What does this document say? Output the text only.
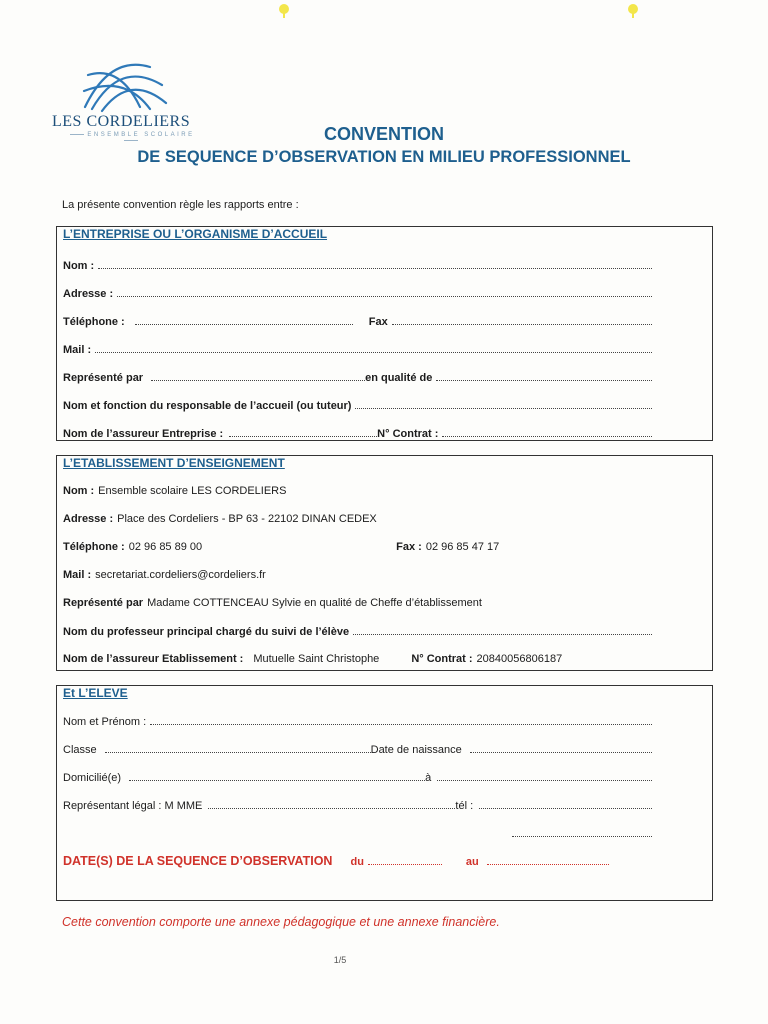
LES CORDELIERS
ENSEMBLE SCOLAIRE	CONVENTION
DE SEQUENCE D’OBSERVATION EN MILIEU PROFESSIONNEL

La présente convention règle les rapports entre :

L’ENTREPRISE OU L’ORGANISME D’ACCUEIL
Nom :
Adresse :
Téléphone :	Fax
Mail :
Représenté par	en qualité de
Nom et fonction du responsable de l’accueil (ou tuteur)
Nom de l’assureur Entreprise :	N° Contrat :
L’ETABLISSEMENT D’ENSEIGNEMENT
Nom : Ensemble scolaire LES CORDELIERS
Adresse : Place des Cordeliers - BP 63 - 22102 DINAN CEDEX
Téléphone : 02 96 85 89 00	Fax : 02 96 85 47 17
Mail : secretariat.cordeliers@cordeliers.fr
Représenté par Madame COTTENCEAU Sylvie en qualité de Cheffe d’établissement
Nom du professeur principal chargé du suivi de l’élève
Nom de l’assureur Etablissement : Mutuelle Saint Christophe	N° Contrat : 20840056806187
Et L’ELEVE
Nom et Prénom :
Classe	Date de naissance
Domicilié(e)	à
Représentant légal : M MME	tél :
DATE(S) DE LA SEQUENCE D’OBSERVATION du	au

Cette convention comporte une annexe pédagogique et une annexe financière.

1/5
